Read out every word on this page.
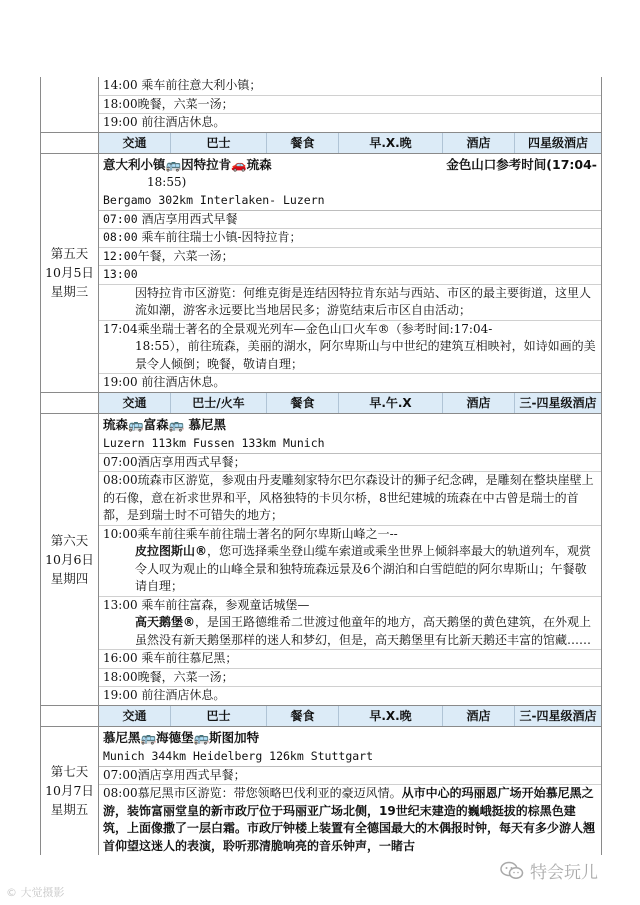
14:00 乘车前往意大利小镇；
18:00晚餐，六菜一汤；
19:00 前往酒店休息。
交通	巴士	餐食	早.X.晚	酒店	四星级酒店
第五天
10月5日
星期三
意大利小镇🚌因特拉肯🚗琉森	金色山口参考时间(17:04-
18:55)
Bergamo 302km Interlaken- Luzern
07:00 酒店享用西式早餐
08:00 乘车前往瑞士小镇-因特拉肯；
12:00午餐，六菜一汤；
13:00
因特拉肯市区游览：何维克街是连结因特拉肯东站与西站、市区的最主要街道，这里人流如潮，游客永远要比当地居民多；游览结束后市区自由活动；
17:04乘坐瑞士著名的全景观光列车—金色山口火车®（参考时间:17:04-
18:55），前往琉森，美丽的湖水，阿尔卑斯山与中世纪的建筑互相映衬，如诗如画的美景令人倾倒；晚餐，敬请自理；
19:00 前往酒店休息。
交通	巴士/火车	餐食	早.午.X	酒店	三-四星级酒店
第六天
10月6日
星期四
琉森🚌富森🚌 慕尼黑
Luzern 113km Fussen 133km Munich
07:00酒店享用西式早餐；
08:00琉森市区游览，参观由丹麦雕刻家特尔巴尔森设计的狮子纪念碑，是雕刻在整块崖壁上的石像，意在祈求世界和平，风格独特的卡贝尔桥，8世纪建城的琉森在中古曾是瑞士的首都，是到瑞士时不可错失的地方；
10:00乘车前往乘车前往瑞士著名的阿尔卑斯山峰之一--
皮拉图斯山®，您可选择乘坐登山缆车索道或乘坐世界上倾斜率最大的轨道列车，观赏令人叹为观止的山峰全景和独特琉森远景及6个湖泊和白雪皑皑的阿尔卑斯山；午餐敬请自理；
13:00 乘车前往富森，参观童话城堡—
高天鹅堡®，是国王路德维希二世渡过他童年的地方，高天鹅堡的黄色建筑，在外观上虽然没有新天鹅堡那样的迷人和梦幻，但是，高天鹅堡里有比新天鹅还丰富的馆藏……
16:00 乘车前往慕尼黑；
18:00晚餐，六菜一汤；
19:00 前往酒店休息。
交通	巴士	餐食	早.X.晚	酒店	三-四星级酒店
第七天
10月7日
星期五
慕尼黑🚌海德堡🚌斯图加特
Munich 344km Heidelberg 126km Stuttgart
07:00酒店享用西式早餐；
08:00慕尼黑市区游览：带您领略巴伐利亚的豪迈风情。从市中心的玛丽恩广场开始慕尼黑之游，装饰富丽堂皇的新市政厅位于玛丽亚广场北侧，19世纪末建造的巍峨挺拔的棕黑色建筑，上面像撒了一层白霜。市政厅钟楼上装置有全德国最大的木偶报时钟，每天有多少游人翘首仰望这迷人的表演，聆听那清脆响亮的音乐钟声，一睹古
© 大觉摄影
特会玩儿
